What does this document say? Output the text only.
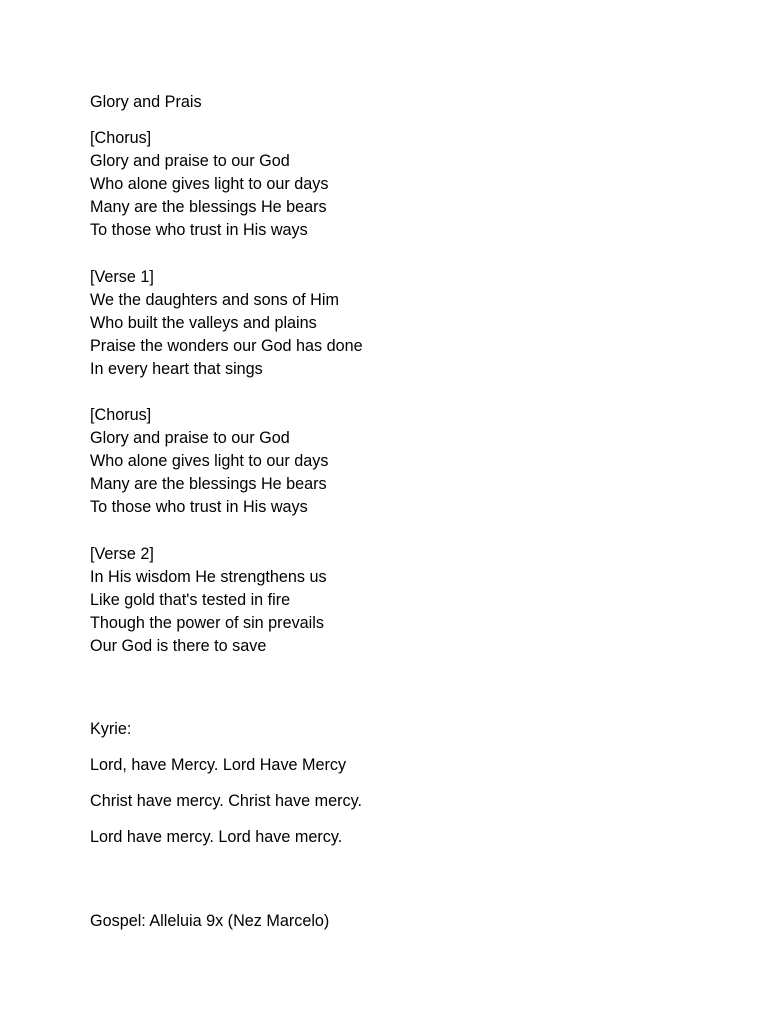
Glory and Prais
[Chorus]
Glory and praise to our God
Who alone gives light to our days
Many are the blessings He bears
To those who trust in His ways
[Verse 1]
We the daughters and sons of Him
Who built the valleys and plains
Praise the wonders our God has done
In every heart that sings
[Chorus]
Glory and praise to our God
Who alone gives light to our days
Many are the blessings He bears
To those who trust in His ways
[Verse 2]
In His wisdom He strengthens us
Like gold that's tested in fire
Though the power of sin prevails
Our God is there to save
Kyrie:
Lord, have Mercy. Lord Have Mercy
Christ have mercy. Christ have mercy.
Lord have mercy. Lord have mercy.
Gospel: Alleluia 9x (Nez Marcelo)
